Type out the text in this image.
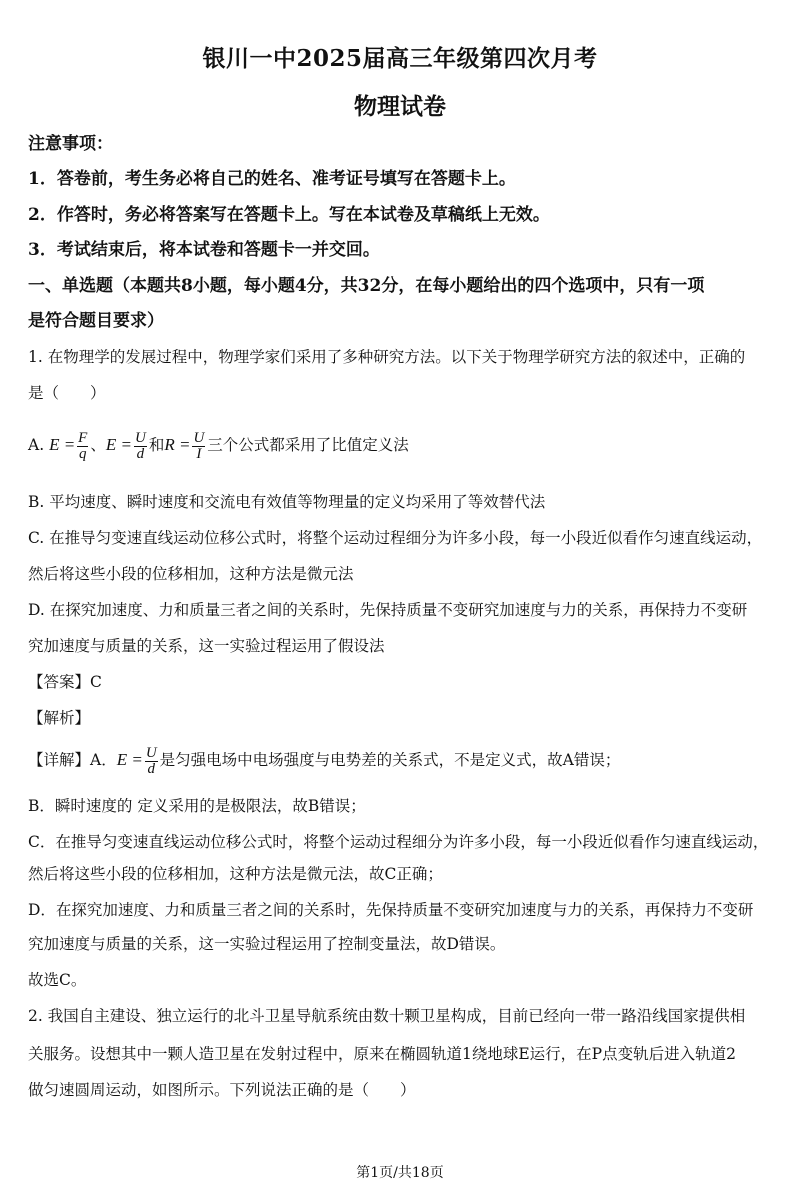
银川一中2025届高三年级第四次月考
物理试卷
注意事项：
1．答卷前，考生务必将自己的姓名、准考证号填写在答题卡上。
2．作答时，务必将答案写在答题卡上。写在本试卷及草稿纸上无效。
3．考试结束后，将本试卷和答题卡一并交回。
一、单选题（本题共8小题，每小题4分，共32分，在每小题给出的四个选项中，只有一项
是符合题目要求）
1. 在物理学的发展过程中，物理学家们采用了多种研究方法。以下关于物理学研究方法的叙述中，正确的
是（　　）
A. $E = \frac{F}{q}$ 、$E = \frac{U}{d}$ 和$R = \frac{U}{I}$ 三个公式都采用了比值定义法
B. 平均速度、瞬时速度和交流电有效值等物理量的定义均采用了等效替代法
C. 在推导匀变速直线运动位移公式时，将整个运动过程细分为许多小段，每一小段近似看作匀速直线运动，
然后将这些小段的位移相加，这种方法是微元法
D. 在探究加速度、力和质量三者之间的关系时，先保持质量不变研究加速度与力的关系，再保持力不变研
究加速度与质量的关系，这一实验过程运用了假设法
【答案】C
【解析】
【详解】A．$E = \frac{U}{d}$ 是匀强电场中电场强度与电势差的关系式，不是定义式，故A错误；
B．瞬时速度的 定义采用的是极限法，故B错误；
C．在推导匀变速直线运动位移公式时，将整个运动过程细分为许多小段，每一小段近似看作匀速直线运动，
然后将这些小段的位移相加，这种方法是微元法，故C正确；
D．在探究加速度、力和质量三者之间的关系时，先保持质量不变研究加速度与力的关系，再保持力不变研
究加速度与质量的关系，这一实验过程运用了控制变量法，故D错误。
故选C。
2. 我国自主建设、独立运行的北斗卫星导航系统由数十颗卫星构成，目前已经向一带一路沿线国家提供相
关服务。设想其中一颗人造卫星在发射过程中，原来在椭圆轨道1绕地球E运行，在P点变轨后进入轨道2
做匀速圆周运动，如图所示。下列说法正确的是（　　）
第1页/共18页
